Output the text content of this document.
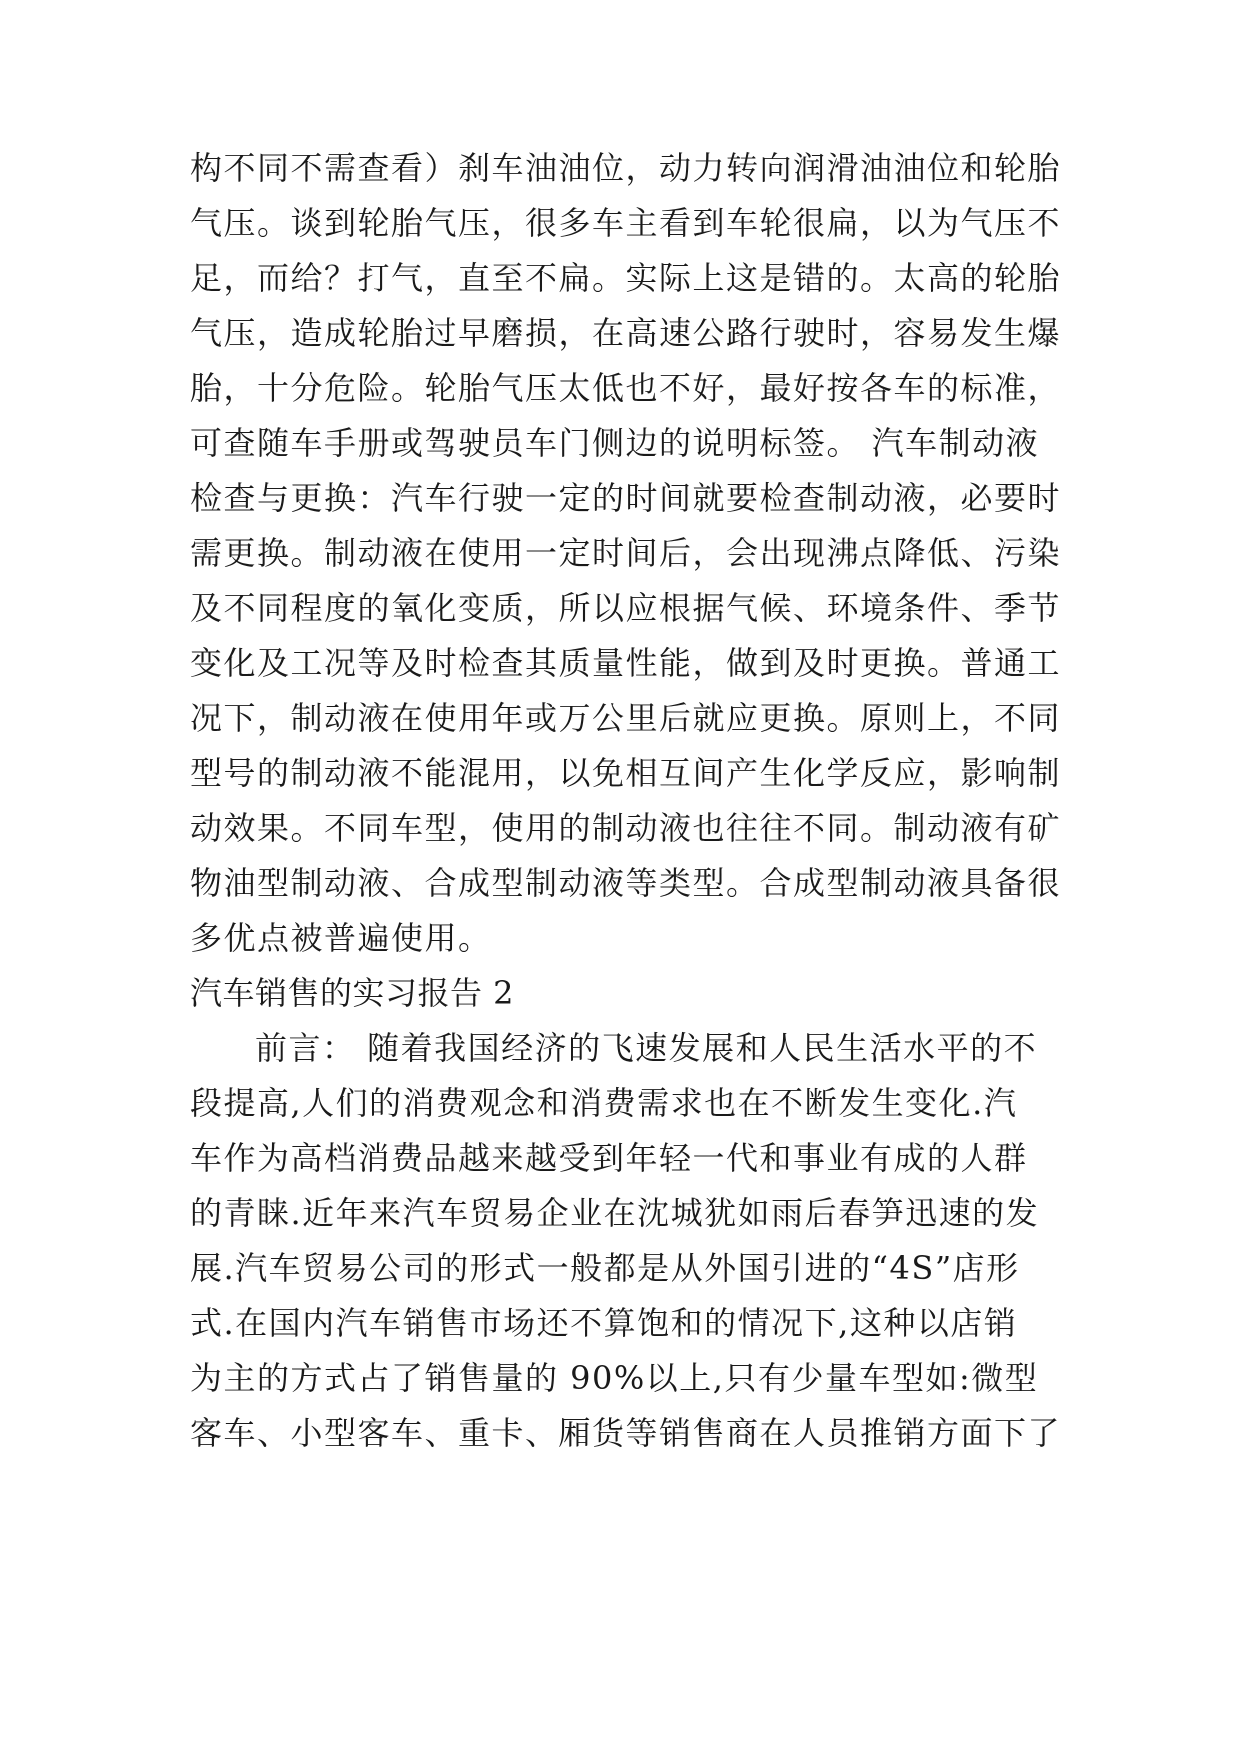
构不同不需查看）刹车油油位，动力转向润滑油油位和轮胎
气压。谈到轮胎气压，很多车主看到车轮很扁，以为气压不
足，而给？打气，直至不扁。实际上这是错的。太高的轮胎
气压，造成轮胎过早磨损，在高速公路行驶时，容易发生爆
胎，十分危险。轮胎气压太低也不好，最好按各车的标准，
可查随车手册或驾驶员车门侧边的说明标签。 汽车制动液
检查与更换：汽车行驶一定的时间就要检查制动液，必要时
需更换。制动液在使用一定时间后，会出现沸点降低、污染
及不同程度的氧化变质，所以应根据气候、环境条件、季节
变化及工况等及时检查其质量性能，做到及时更换。普通工
况下，制动液在使用年或万公里后就应更换。原则上，不同
型号的制动液不能混用，以免相互间产生化学反应，影响制
动效果。不同车型，使用的制动液也往往不同。制动液有矿
物油型制动液、合成型制动液等类型。合成型制动液具备很
多优点被普遍使用。
汽车销售的实习报告 2
前言： 随着我国经济的飞速发展和人民生活水平的不
段提高,人们的消费观念和消费需求也在不断发生变化.汽
车作为高档消费品越来越受到年轻一代和事业有成的人群
的青睐.近年来汽车贸易企业在沈城犹如雨后春笋迅速的发
展.汽车贸易公司的形式一般都是从外国引进的“4S”店形
式.在国内汽车销售市场还不算饱和的情况下,这种以店销
为主的方式占了销售量的 90%以上,只有少量车型如:微型
客车、小型客车、重卡、厢货等销售商在人员推销方面下了
